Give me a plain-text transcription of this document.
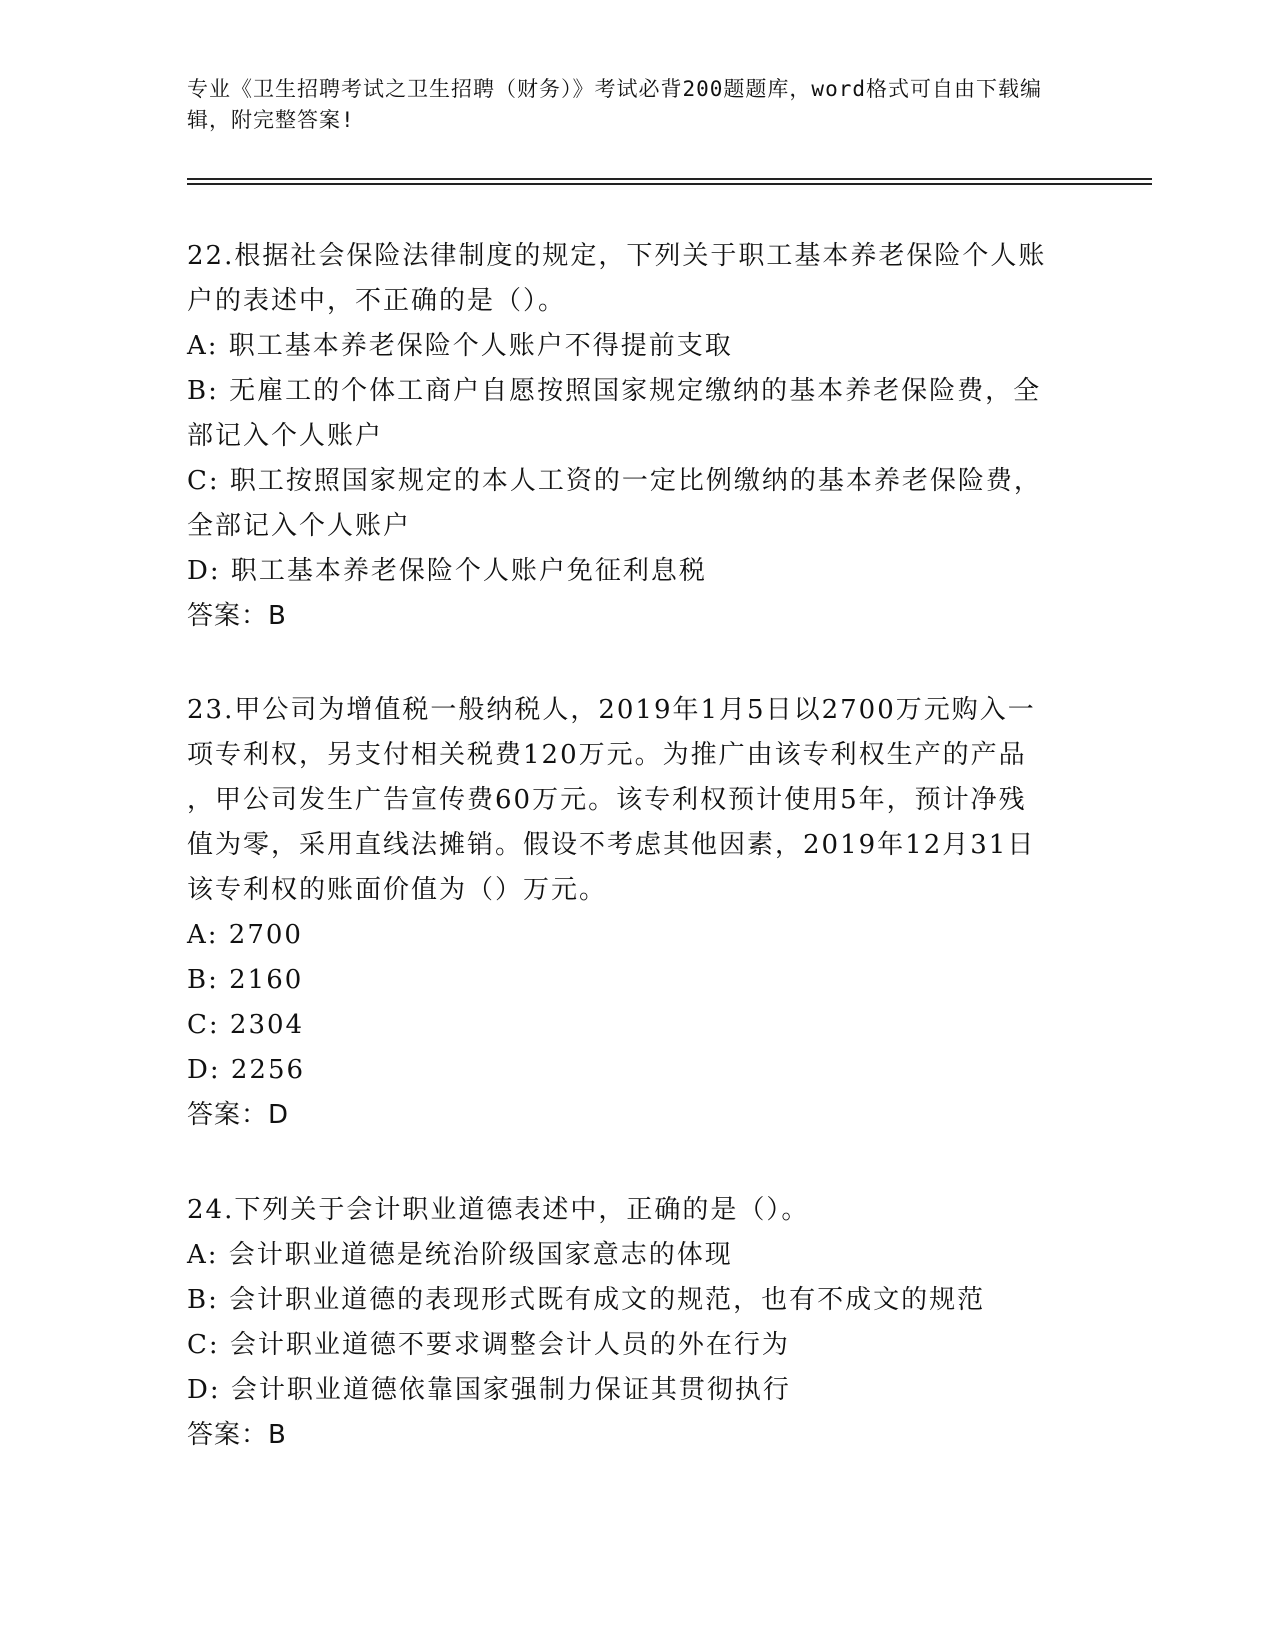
专业《卫生招聘考试之卫生招聘（财务）》考试必背200题题库，word格式可自由下载编辑，附完整答案!
22.根据社会保险法律制度的规定，下列关于职工基本养老保险个人账
户的表述中，不正确的是（）。
A: 职工基本养老保险个人账户不得提前支取
B: 无雇工的个体工商户自愿按照国家规定缴纳的基本养老保险费，全
部记入个人账户
C: 职工按照国家规定的本人工资的一定比例缴纳的基本养老保险费，
全部记入个人账户
D: 职工基本养老保险个人账户免征利息税
答案：B
23.甲公司为增值税一般纳税人，2019年1月5日以2700万元购入一
项专利权，另支付相关税费120万元。为推广由该专利权生产的产品
，甲公司发生广告宣传费60万元。该专利权预计使用5年，预计净残
值为零，采用直线法摊销。假设不考虑其他因素，2019年12月31日
该专利权的账面价值为（）万元。
A: 2700
B: 2160
C: 2304
D: 2256
答案：D
24.下列关于会计职业道德表述中，正确的是（）。
A: 会计职业道德是统治阶级国家意志的体现
B: 会计职业道德的表现形式既有成文的规范，也有不成文的规范
C: 会计职业道德不要求调整会计人员的外在行为
D: 会计职业道德依靠国家强制力保证其贯彻执行
答案：B
